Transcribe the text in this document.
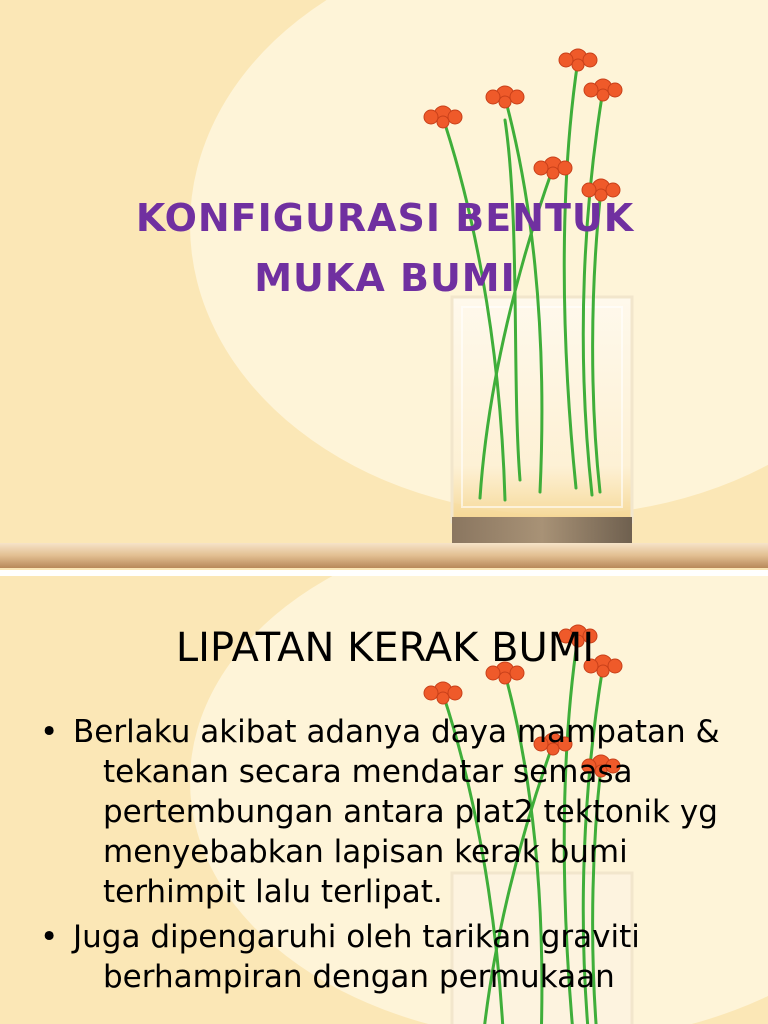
KONFIGURASI BENTUK
MUKA BUMI
LIPATAN KERAK BUMI
• Berlaku akibat adanya daya mampatan & tekanan secara mendatar semasa pertembungan antara plat2 tektonik yg menyebabkan lapisan kerak bumi terhimpit lalu terlipat.
• Juga dipengaruhi oleh tarikan graviti berhampiran dengan permukaan
